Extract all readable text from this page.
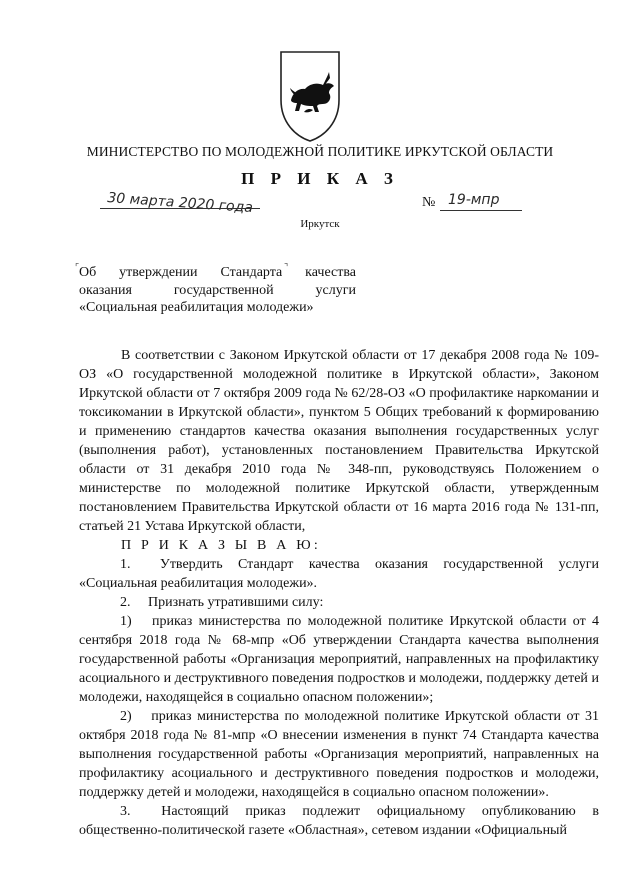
МИНИСТЕРСТВО ПО МОЛОДЕЖНОЙ ПОЛИТИКЕ ИРКУТСКОЙ ОБЛАСТИ
П Р И К А З
30 марта 2020 года	№ 19-мпр
Иркутск
⌜	⌝
Об утверждении Стандарта качества
оказания	государственной	услуги
«Социальная реабилитация молодежи»

В соответствии с Законом Иркутской области от 17 декабря 2008 года № 109-ОЗ «О государственной молодежной политике в Иркутской области», Законом Иркутской области от 7 октября 2009 года № 62/28-ОЗ «О профилактике наркомании и токсикомании в Иркутской области», пунктом 5 Общих требований к формированию и применению стандартов качества оказания выполнения государственных услуг (выполнения работ), установленных постановлением Правительства Иркутской области от 31 декабря 2010 года № 348-пп, руководствуясь Положением о министерстве по молодежной политике Иркутской области, утвержденным постановлением Правительства Иркутской области от 16 марта 2016 года № 131-пп, статьей 21 Устава Иркутской области,

П Р И К А З Ы В А Ю:

1.  Утвердить Стандарт качества оказания государственной услуги «Социальная реабилитация молодежи».

2.  Признать утратившими силу:

1)  приказ министерства по молодежной политике Иркутской области от 4 сентября 2018 года № 68-мпр «Об утверждении Стандарта качества выполнения государственной работы «Организация мероприятий, направленных на профилактику асоциального и деструктивного поведения подростков и молодежи, поддержку детей и молодежи, находящейся в социально опасном положении»;

2)  приказ министерства по молодежной политике Иркутской области от 31 октября 2018 года № 81-мпр «О внесении изменения в пункт 74 Стандарта качества выполнения государственной работы «Организация мероприятий, направленных на профилактику асоциального и деструктивного поведения подростков и молодежи, поддержку детей и молодежи, находящейся в социально опасном положении».

3.  Настоящий приказ подлежит официальному опубликованию в общественно-политической газете «Областная», сетевом издании «Официальный
